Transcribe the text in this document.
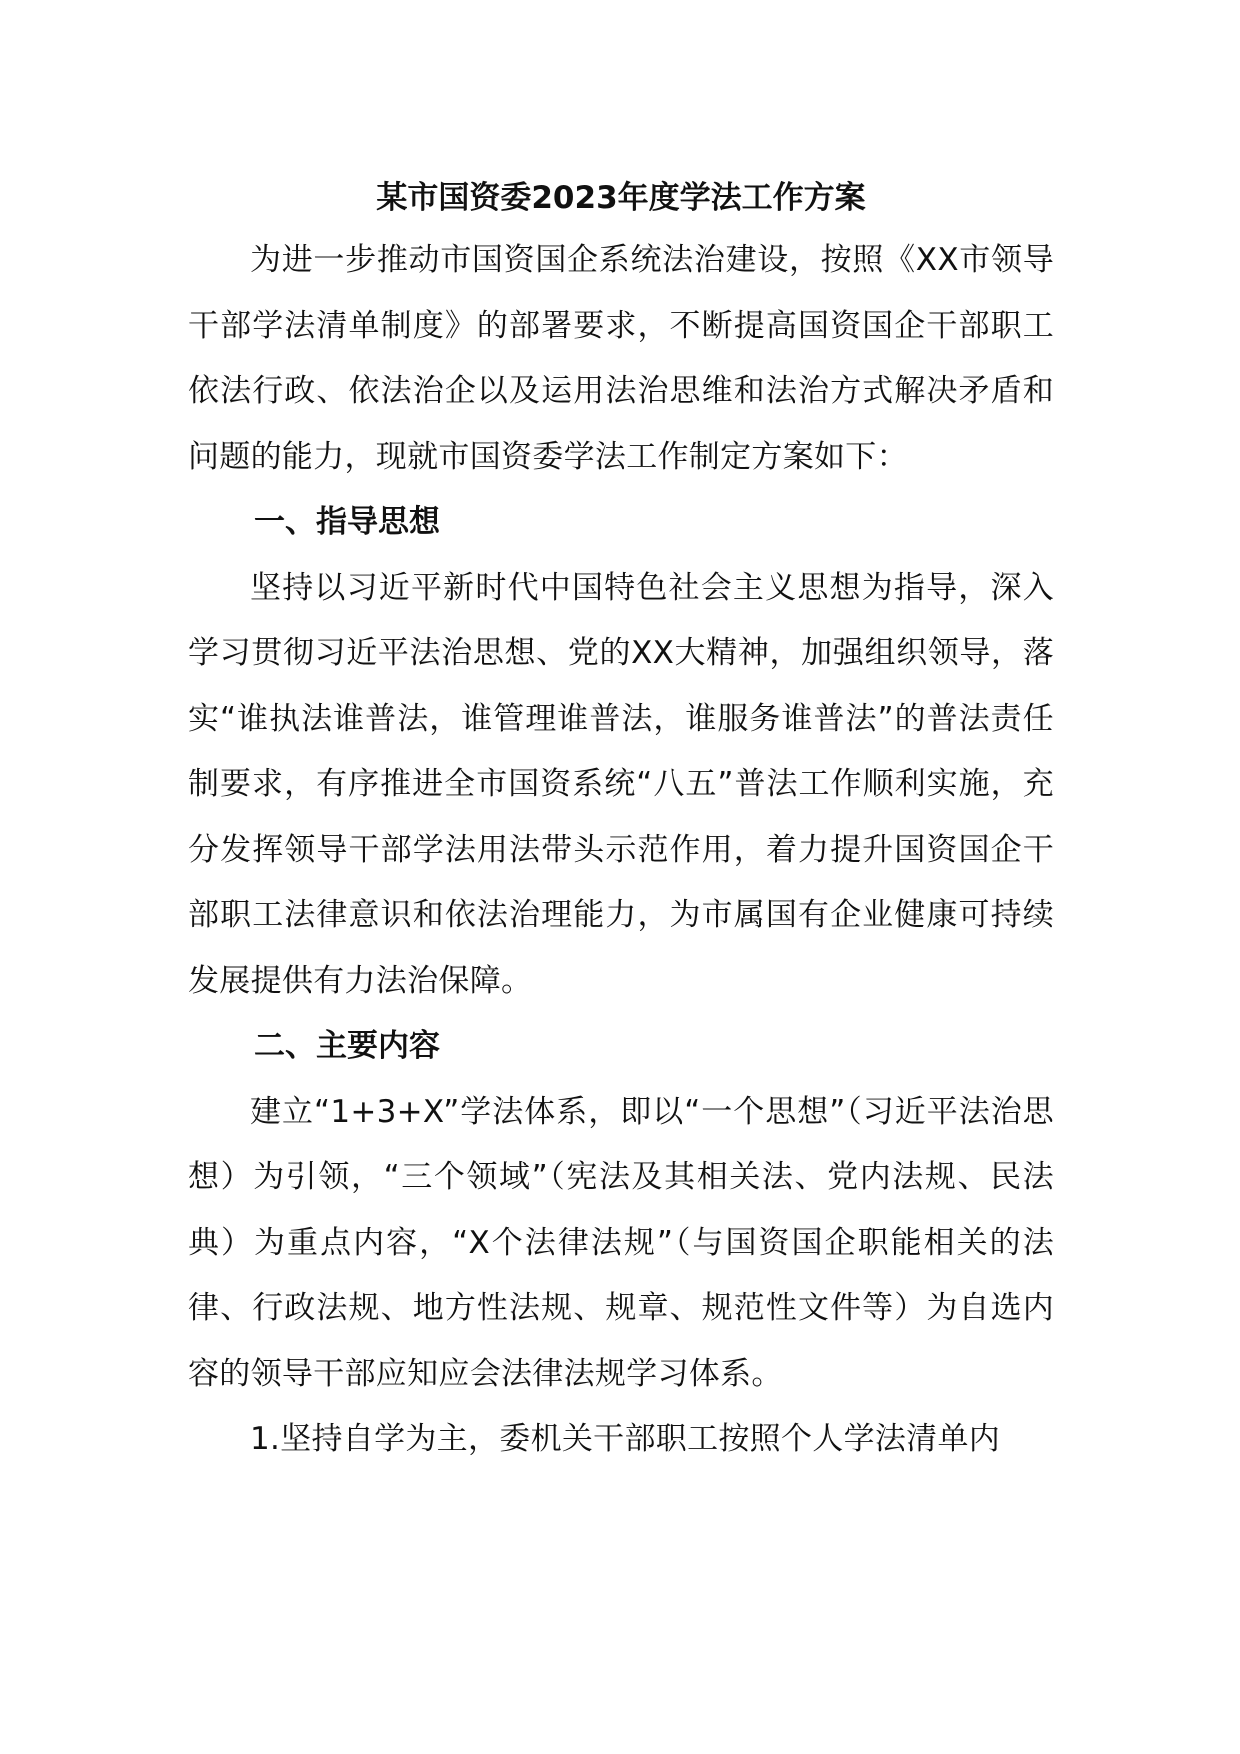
某市国资委2023年度学法工作方案

为进一步推动市国资国企系统法治建设，按照《XX市领导干部学法清单制度》的部署要求，不断提高国资国企干部职工依法行政、依法治企以及运用法治思维和法治方式解决矛盾和问题的能力，现就市国资委学法工作制定方案如下：

一、指导思想

坚持以习近平新时代中国特色社会主义思想为指导，深入学习贯彻习近平法治思想、党的XX大精神，加强组织领导，落实“谁执法谁普法，谁管理谁普法，谁服务谁普法”的普法责任制要求，有序推进全市国资系统“八五”普法工作顺利实施，充分发挥领导干部学法用法带头示范作用，着力提升国资国企干部职工法律意识和依法治理能力，为市属国有企业健康可持续发展提供有力法治保障。

二、主要内容

建立“1+3+X”学法体系，即以“一个思想”（习近平法治思想）为引领，“三个领域”（宪法及其相关法、党内法规、民法典）为重点内容，“X个法律法规”（与国资国企职能相关的法律、行政法规、地方性法规、规章、规范性文件等）为自选内容的领导干部应知应会法律法规学习体系。

1.坚持自学为主，委机关干部职工按照个人学法清单内
